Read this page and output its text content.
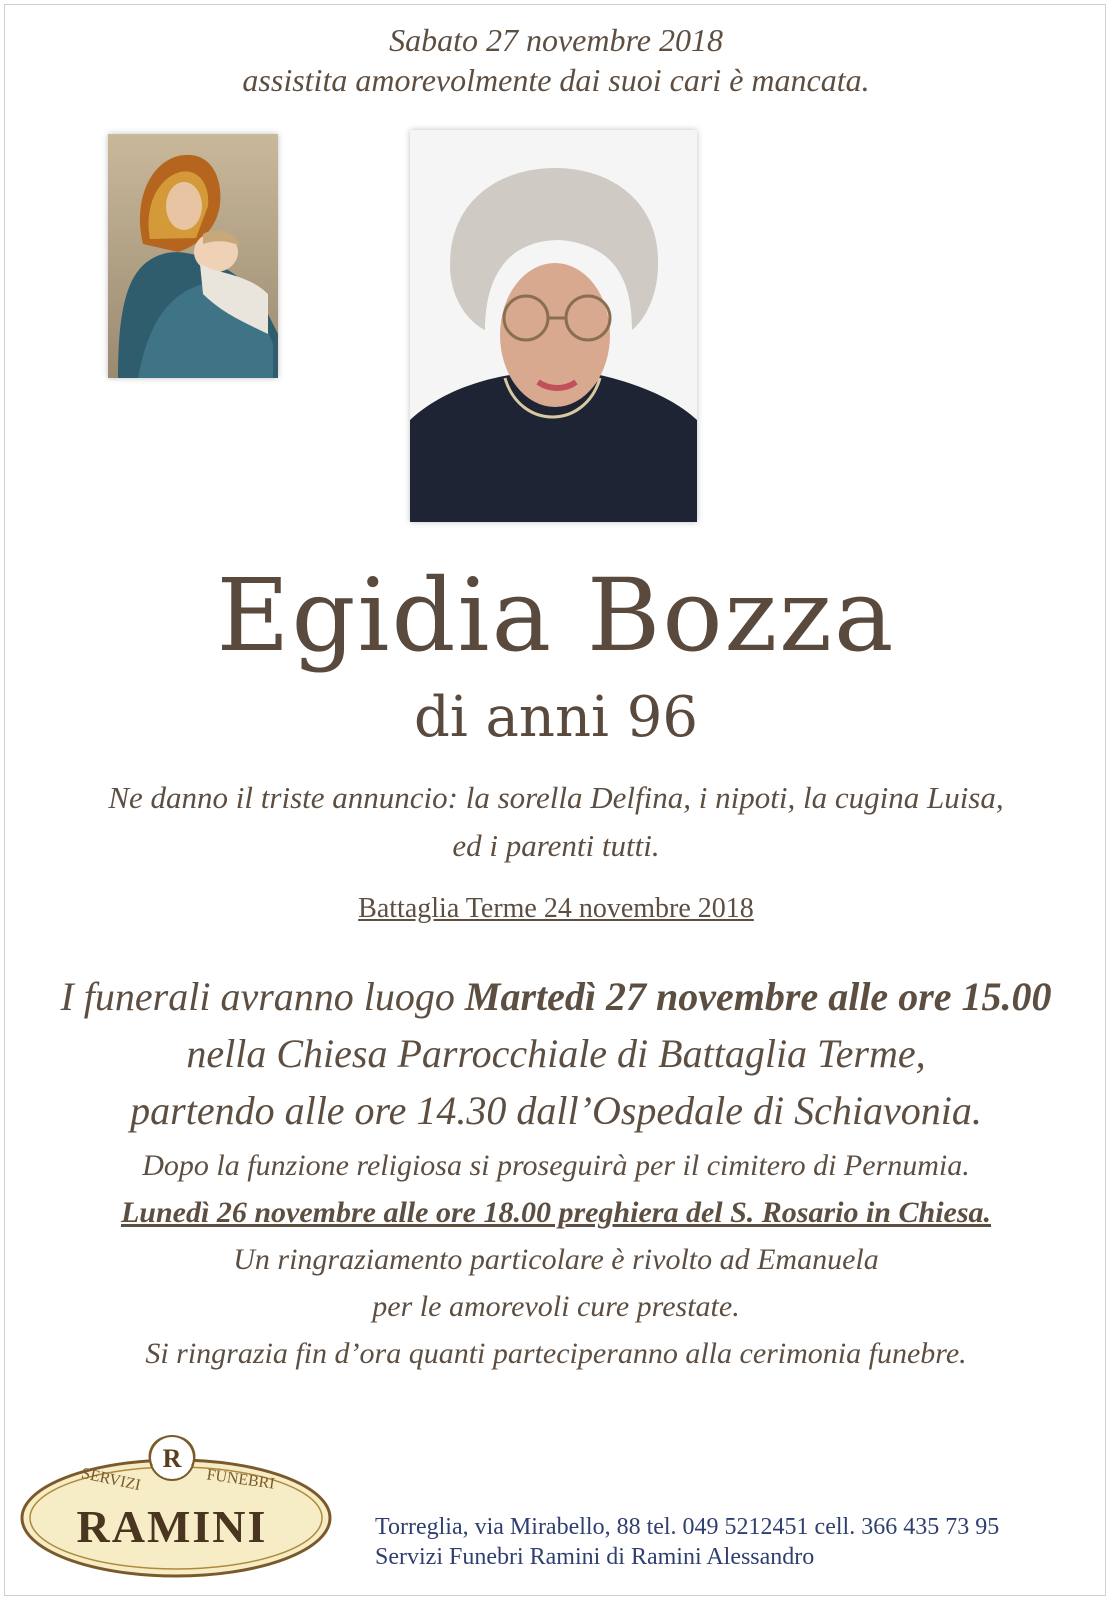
Sabato 27 novembre 2018
assistita amorevolmente dai suoi cari è mancata.
Egidia Bozza
di anni 96
Ne danno il triste annuncio: la sorella Delfina, i nipoti, la cugina Luisa,
ed i parenti tutti.
Battaglia Terme 24 novembre 2018
I funerali avranno luogo Martedì 27 novembre alle ore 15.00
nella Chiesa Parrocchiale di Battaglia Terme,
partendo alle ore 14.30 dall’Ospedale di Schiavonia.
Dopo la funzione religiosa si proseguirà per il cimitero di Pernumia.
Lunedì 26 novembre alle ore 18.00 preghiera del S. Rosario in Chiesa.
Un ringraziamento particolare è rivolto ad Emanuela
per le amorevoli cure prestate.
Si ringrazia fin d’ora quanti parteciperanno alla cerimonia funebre.
R
SERVIZI	FUNEBRI
RAMINI	Torreglia, via Mirabello, 88 tel. 049 5212451 cell. 366 435 73 95
Servizi Funebri Ramini di Ramini Alessandro
